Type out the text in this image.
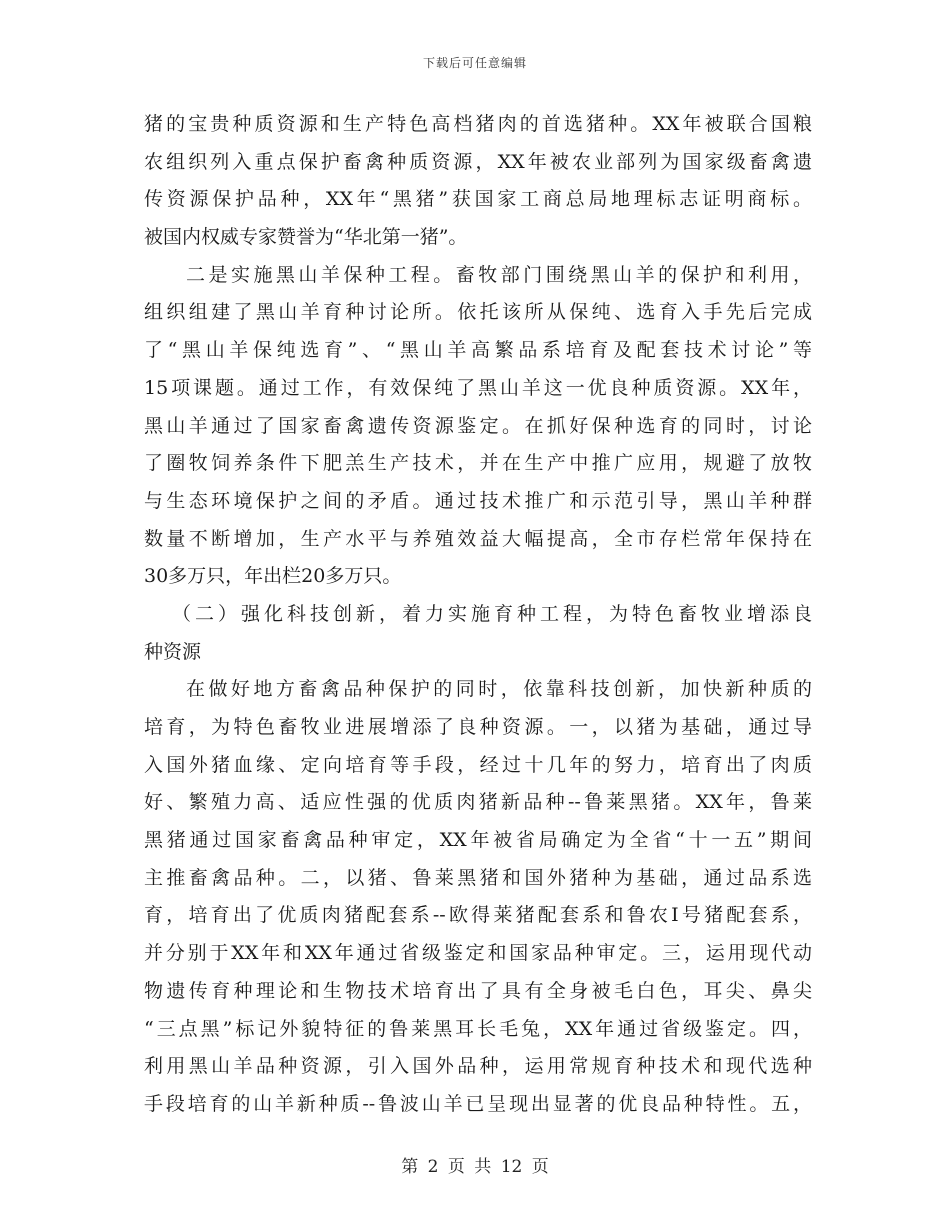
下载后可任意编辑
猪的宝贵种质资源和生产特色高档猪肉的首选猪种。XX年被联合国粮
农组织列入重点保护畜禽种质资源，XX年被农业部列为国家级畜禽遗
传资源保护品种，XX年“黑猪”获国家工商总局地理标志证明商标。
被国内权威专家赞誉为“华北第一猪”。
二是实施黑山羊保种工程。畜牧部门围绕黑山羊的保护和利用，
组织组建了黑山羊育种讨论所。依托该所从保纯、选育入手先后完成
了“黑山羊保纯选育”、“黑山羊高繁品系培育及配套技术讨论”等
15项课题。通过工作，有效保纯了黑山羊这一优良种质资源。XX年，
黑山羊通过了国家畜禽遗传资源鉴定。在抓好保种选育的同时，讨论
了圈牧饲养条件下肥羔生产技术，并在生产中推广应用，规避了放牧
与生态环境保护之间的矛盾。通过技术推广和示范引导，黑山羊种群
数量不断增加，生产水平与养殖效益大幅提高，全市存栏常年保持在
30多万只，年出栏20多万只。
（二）强化科技创新，着力实施育种工程，为特色畜牧业增添良
种资源
在做好地方畜禽品种保护的同时，依靠科技创新，加快新种质的
培育，为特色畜牧业进展增添了良种资源。一，以猪为基础，通过导
入国外猪血缘、定向培育等手段，经过十几年的努力，培育出了肉质
好、繁殖力高、适应性强的优质肉猪新品种--鲁莱黑猪。XX年，鲁莱
黑猪通过国家畜禽品种审定，XX年被省局确定为全省“十一五”期间
主推畜禽品种。二，以猪、鲁莱黑猪和国外猪种为基础，通过品系选
育，培育出了优质肉猪配套系--欧得莱猪配套系和鲁农Ⅰ号猪配套系，
并分别于XX年和XX年通过省级鉴定和国家品种审定。三，运用现代动
物遗传育种理论和生物技术培育出了具有全身被毛白色，耳尖、鼻尖
“三点黑”标记外貌特征的鲁莱黑耳长毛兔，XX年通过省级鉴定。四，
利用黑山羊品种资源，引入国外品种，运用常规育种技术和现代选种
手段培育的山羊新种质--鲁波山羊已呈现出显著的优良品种特性。五，
第 2 页 共 12 页
